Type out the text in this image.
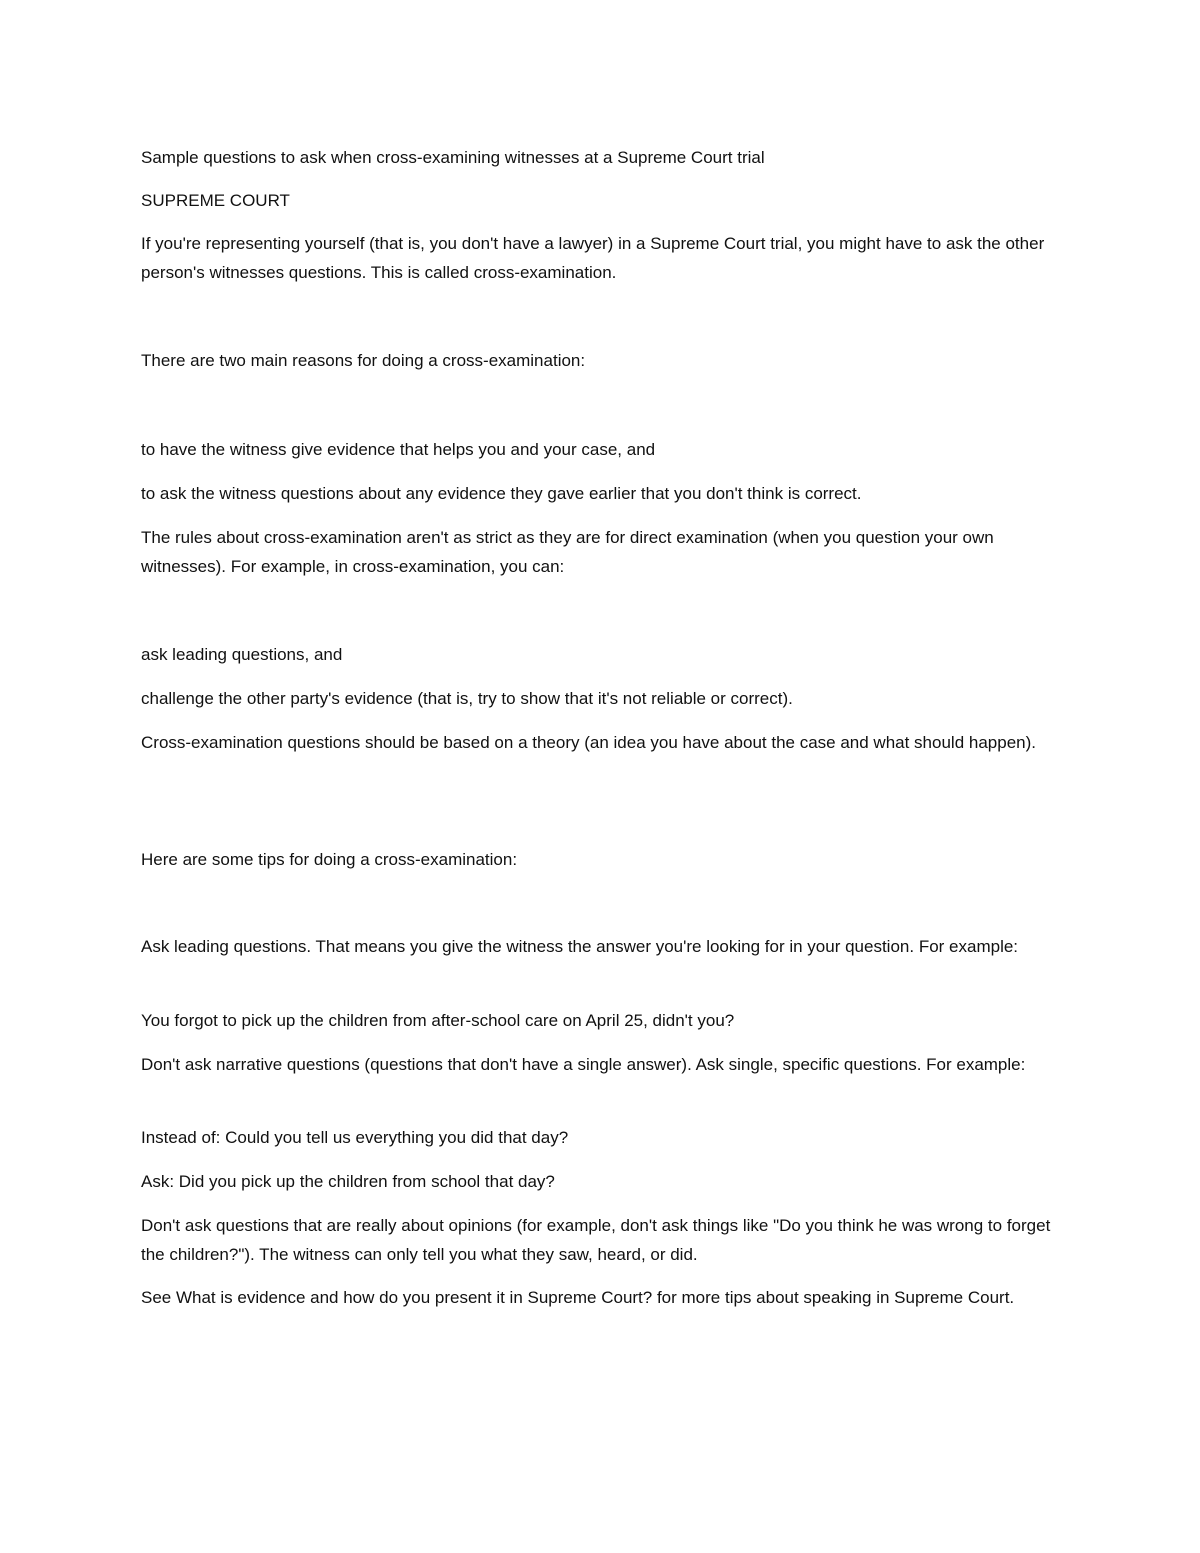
Sample questions to ask when cross-examining witnesses at a Supreme Court trial

SUPREME COURT

If you're representing yourself (that is, you don't have a lawyer) in a Supreme Court trial, you might have to ask the other person's witnesses questions. This is called cross-examination.

There are two main reasons for doing a cross-examination:

to have the witness give evidence that helps you and your case, and

to ask the witness questions about any evidence they gave earlier that you don't think is correct.

The rules about cross-examination aren't as strict as they are for direct examination (when you question your own witnesses). For example, in cross-examination, you can:

ask leading questions, and

challenge the other party's evidence (that is, try to show that it's not reliable or correct).

Cross-examination questions should be based on a theory (an idea you have about the case and what should happen).

Here are some tips for doing a cross-examination:

Ask leading questions. That means you give the witness the answer you're looking for in your question. For example:

You forgot to pick up the children from after-school care on April 25, didn't you?

Don't ask narrative questions (questions that don't have a single answer). Ask single, specific questions. For example:

Instead of: Could you tell us everything you did that day?

Ask: Did you pick up the children from school that day?

Don't ask questions that are really about opinions (for example, don't ask things like "Do you think he was wrong to forget the children?"). The witness can only tell you what they saw, heard, or did.

See What is evidence and how do you present it in Supreme Court? for more tips about speaking in Supreme Court.
